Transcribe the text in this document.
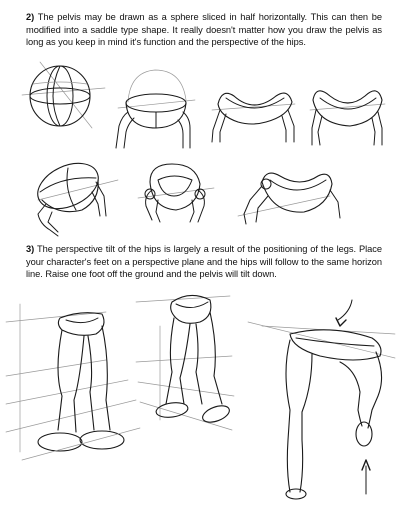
2) The pelvis may be drawn as a sphere sliced in half horizontally. This can then be modified into a saddle type shape. It really doesn't matter how you draw the pelvis as long as you keep in mind it's function and the perspective of the hips.

3) The perspective tilt of the hips is largely a result of the positioning of the legs. Place your character's feet on a perspective plane and the hips will follow to the same horizon line. Raise one foot off the ground and the pelvis will tilt down.
